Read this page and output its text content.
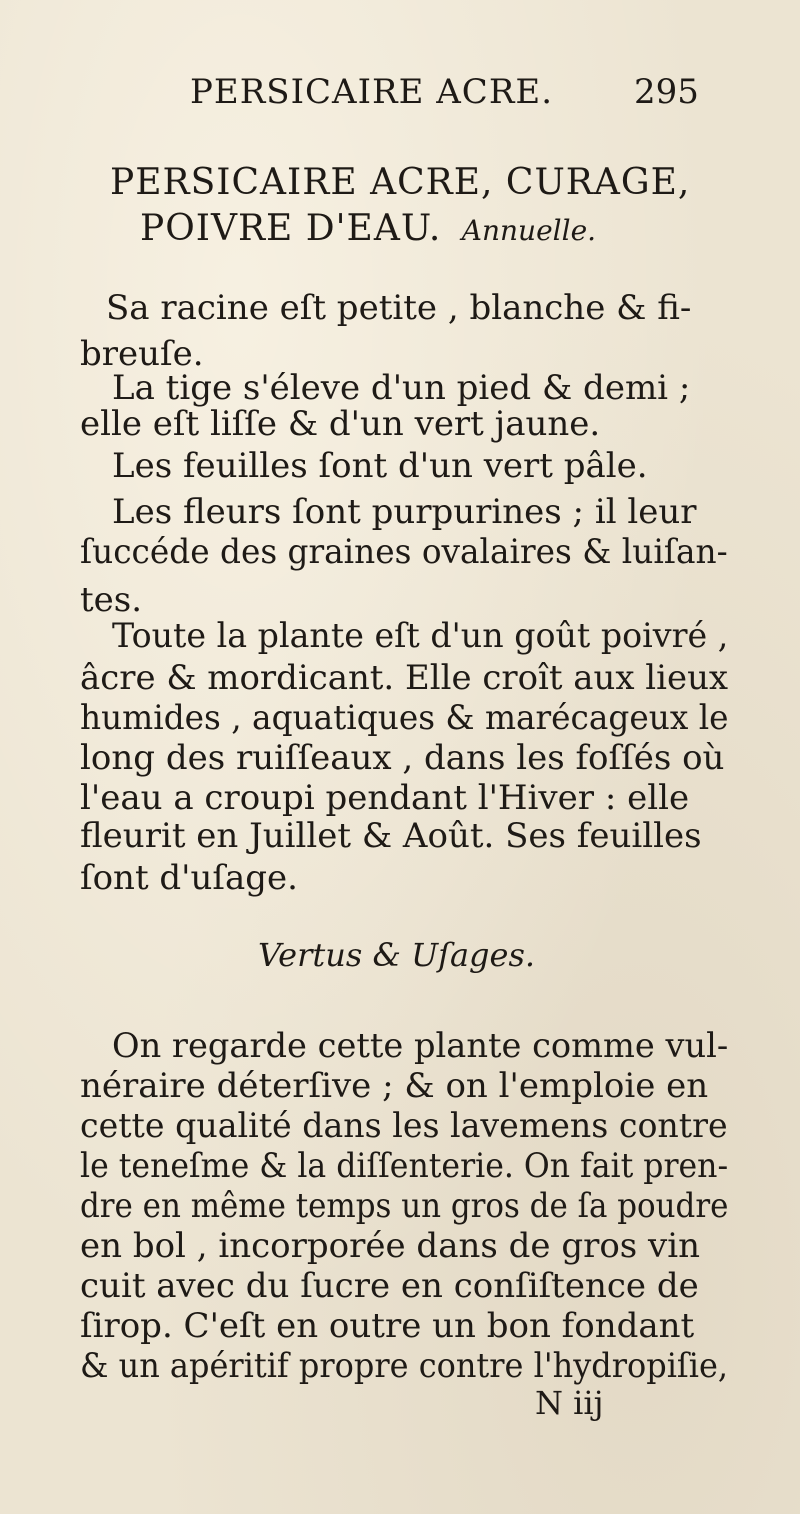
PERSICAIRE ACRE. 295
PERSICAIRE ACRE, CURAGE,
POIVRE D'EAU. Annuelle.
Sa racine eſt petite , blanche & fi-
breuſe.
La tige s'éleve d'un pied & demi ;
elle eſt liſſe & d'un vert jaune.
Les feuilles ſont d'un vert pâle.
Les fleurs ſont purpurines ; il leur
ſuccéde des graines ovalaires & luiſan-
tes.
Toute la plante eſt d'un goût poivré ,
âcre & mordicant. Elle croît aux lieux
humides , aquatiques & marécageux le
long des ruiſſeaux , dans les foſſés où
l'eau a croupi pendant l'Hiver : elle
fleurit en Juillet & Août. Ses feuilles
ſont d'uſage.
Vertus & Uſages.
On regarde cette plante comme vul-
néraire déterſive ; & on l'emploie en
cette qualité dans les lavemens contre
le teneſme & la diſſenterie. On fait pren-
dre en même temps un gros de ſa poudre
en bol , incorporée dans de gros vin
cuit avec du ſucre en conſiſtence de
ſirop. C'eſt en outre un bon fondant
& un apéritif propre contre l'hydropiſie,
N iij
